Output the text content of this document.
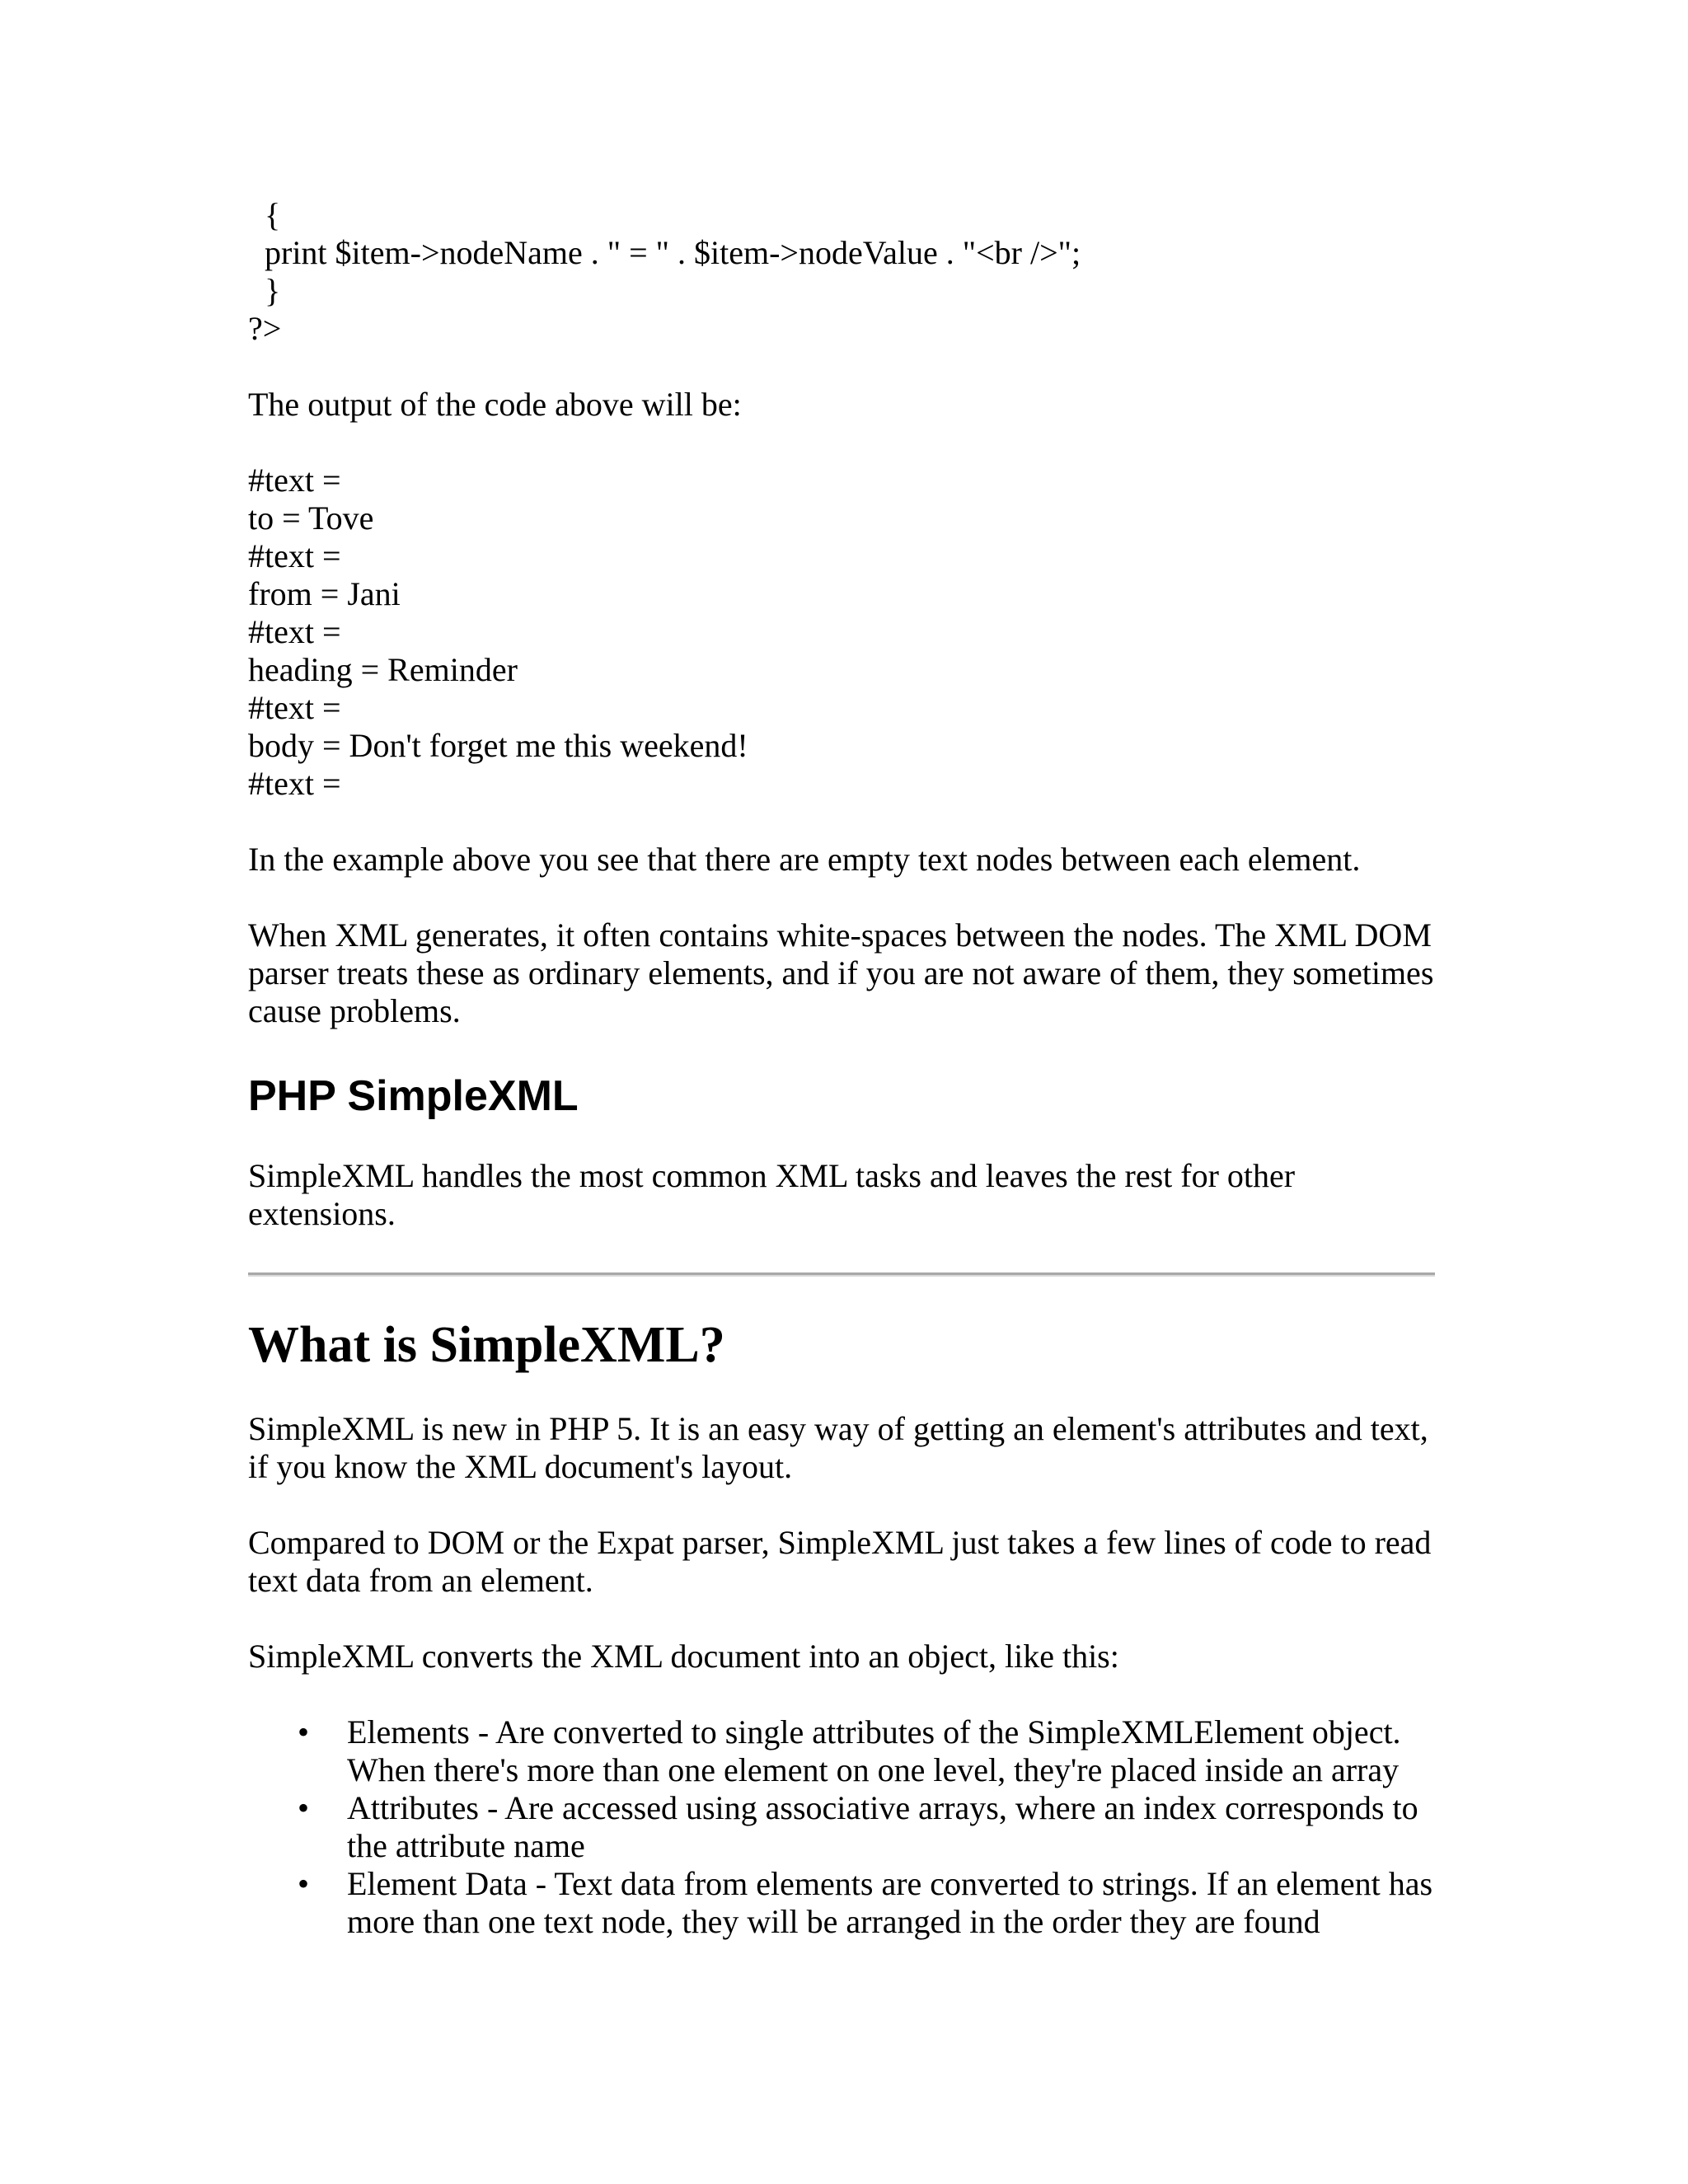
{
print $item->nodeName . " = " . $item->nodeValue . "<br />";
}
?>

The output of the code above will be:

#text =
to = Tove
#text =
from = Jani
#text =
heading = Reminder
#text =
body = Don't forget me this weekend!
#text =

In the example above you see that there are empty text nodes between each element.

When XML generates, it often contains white-spaces between the nodes. The XML DOM parser treats these as ordinary elements, and if you are not aware of them, they sometimes cause problems.

PHP SimpleXML

SimpleXML handles the most common XML tasks and leaves the rest for other extensions.

What is SimpleXML?

SimpleXML is new in PHP 5. It is an easy way of getting an element's attributes and text, if you know the XML document's layout.

Compared to DOM or the Expat parser, SimpleXML just takes a few lines of code to read text data from an element.

SimpleXML converts the XML document into an object, like this:

• Elements - Are converted to single attributes of the SimpleXMLElement object. When there's more than one element on one level, they're placed inside an array
• Attributes - Are accessed using associative arrays, where an index corresponds to the attribute name
• Element Data - Text data from elements are converted to strings. If an element has more than one text node, they will be arranged in the order they are found
